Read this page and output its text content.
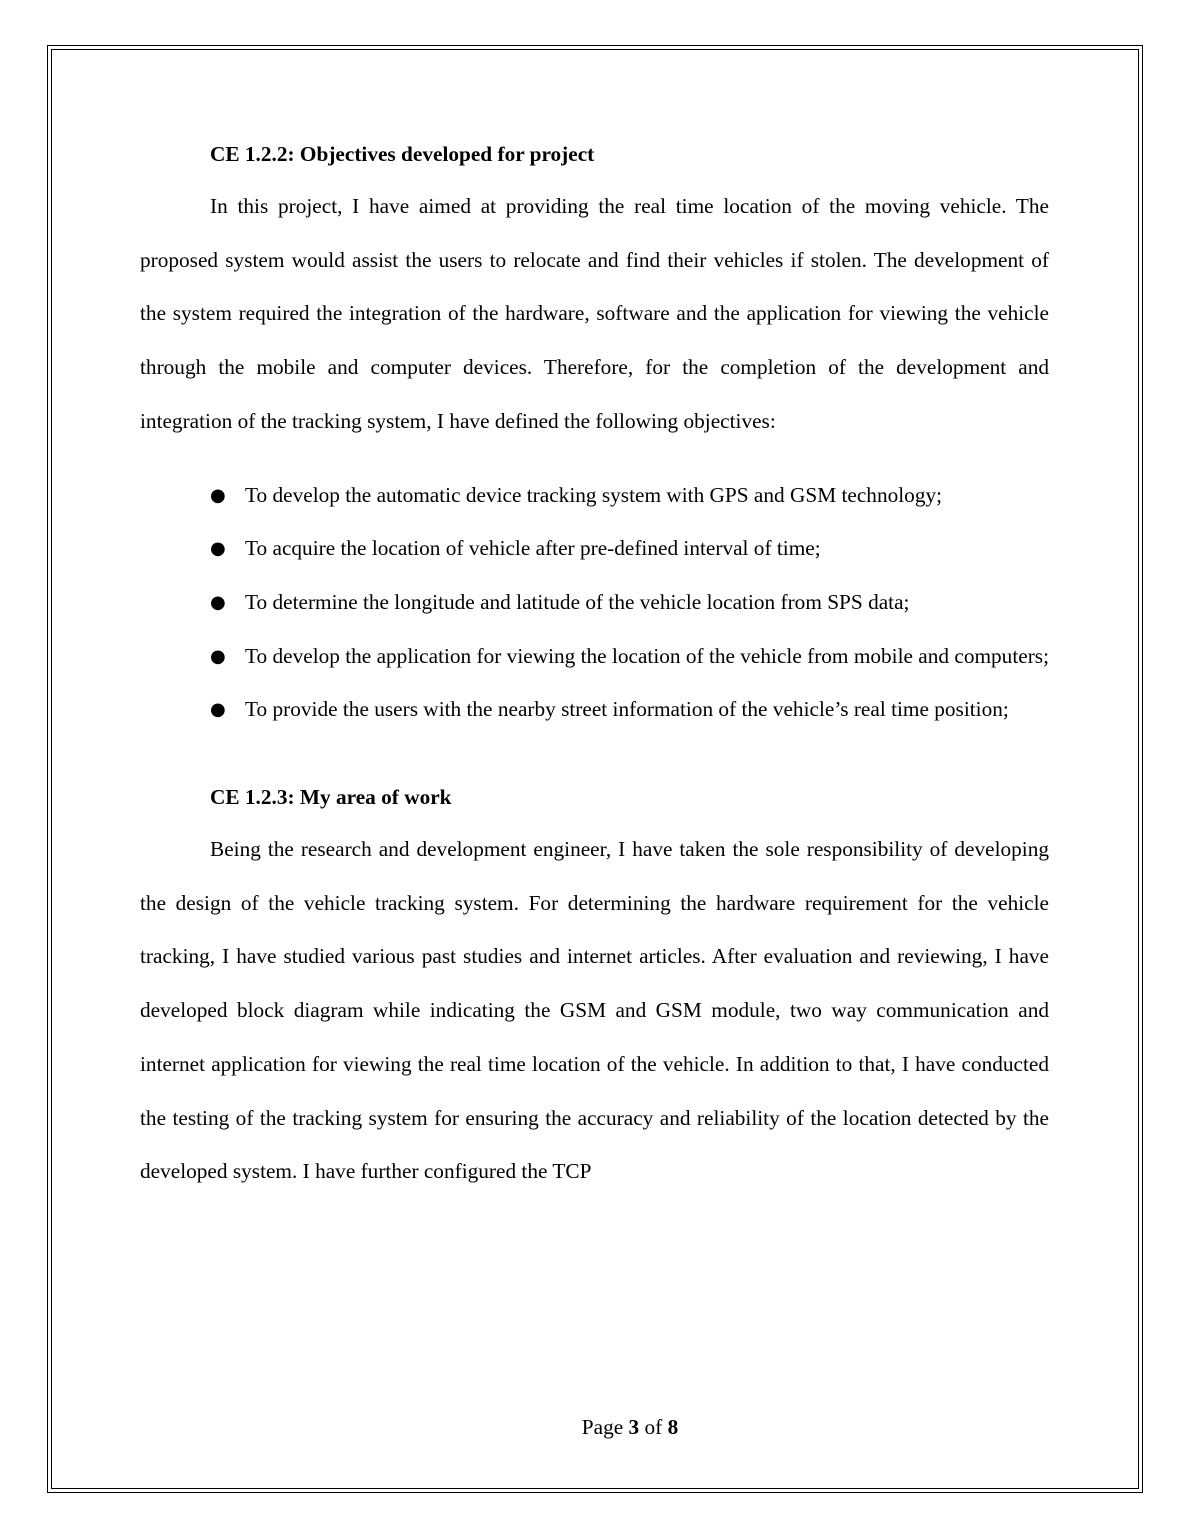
CE 1.2.2: Objectives developed for project

In this project, I have aimed at providing the real time location of the moving vehicle. The proposed system would assist the users to relocate and find their vehicles if stolen. The development of the system required the integration of the hardware, software and the application for viewing the vehicle through the mobile and computer devices. Therefore, for the completion of the development and integration of the tracking system, I have defined the following objectives:

● To develop the automatic device tracking system with GPS and GSM technology;
● To acquire the location of vehicle after pre-defined interval of time;
● To determine the longitude and latitude of the vehicle location from SPS data;
● To develop the application for viewing the location of the vehicle from mobile and computers;
● To provide the users with the nearby street information of the vehicle’s real time position;

CE 1.2.3: My area of work

Being the research and development engineer, I have taken the sole responsibility of developing the design of the vehicle tracking system. For determining the hardware requirement for the vehicle tracking, I have studied various past studies and internet articles. After evaluation and reviewing, I have developed block diagram while indicating the GSM and GSM module, two way communication and internet application for viewing the real time location of the vehicle. In addition to that, I have conducted the testing of the tracking system for ensuring the accuracy and reliability of the location detected by the developed system. I have further configured the TCP

Page 3 of 8
